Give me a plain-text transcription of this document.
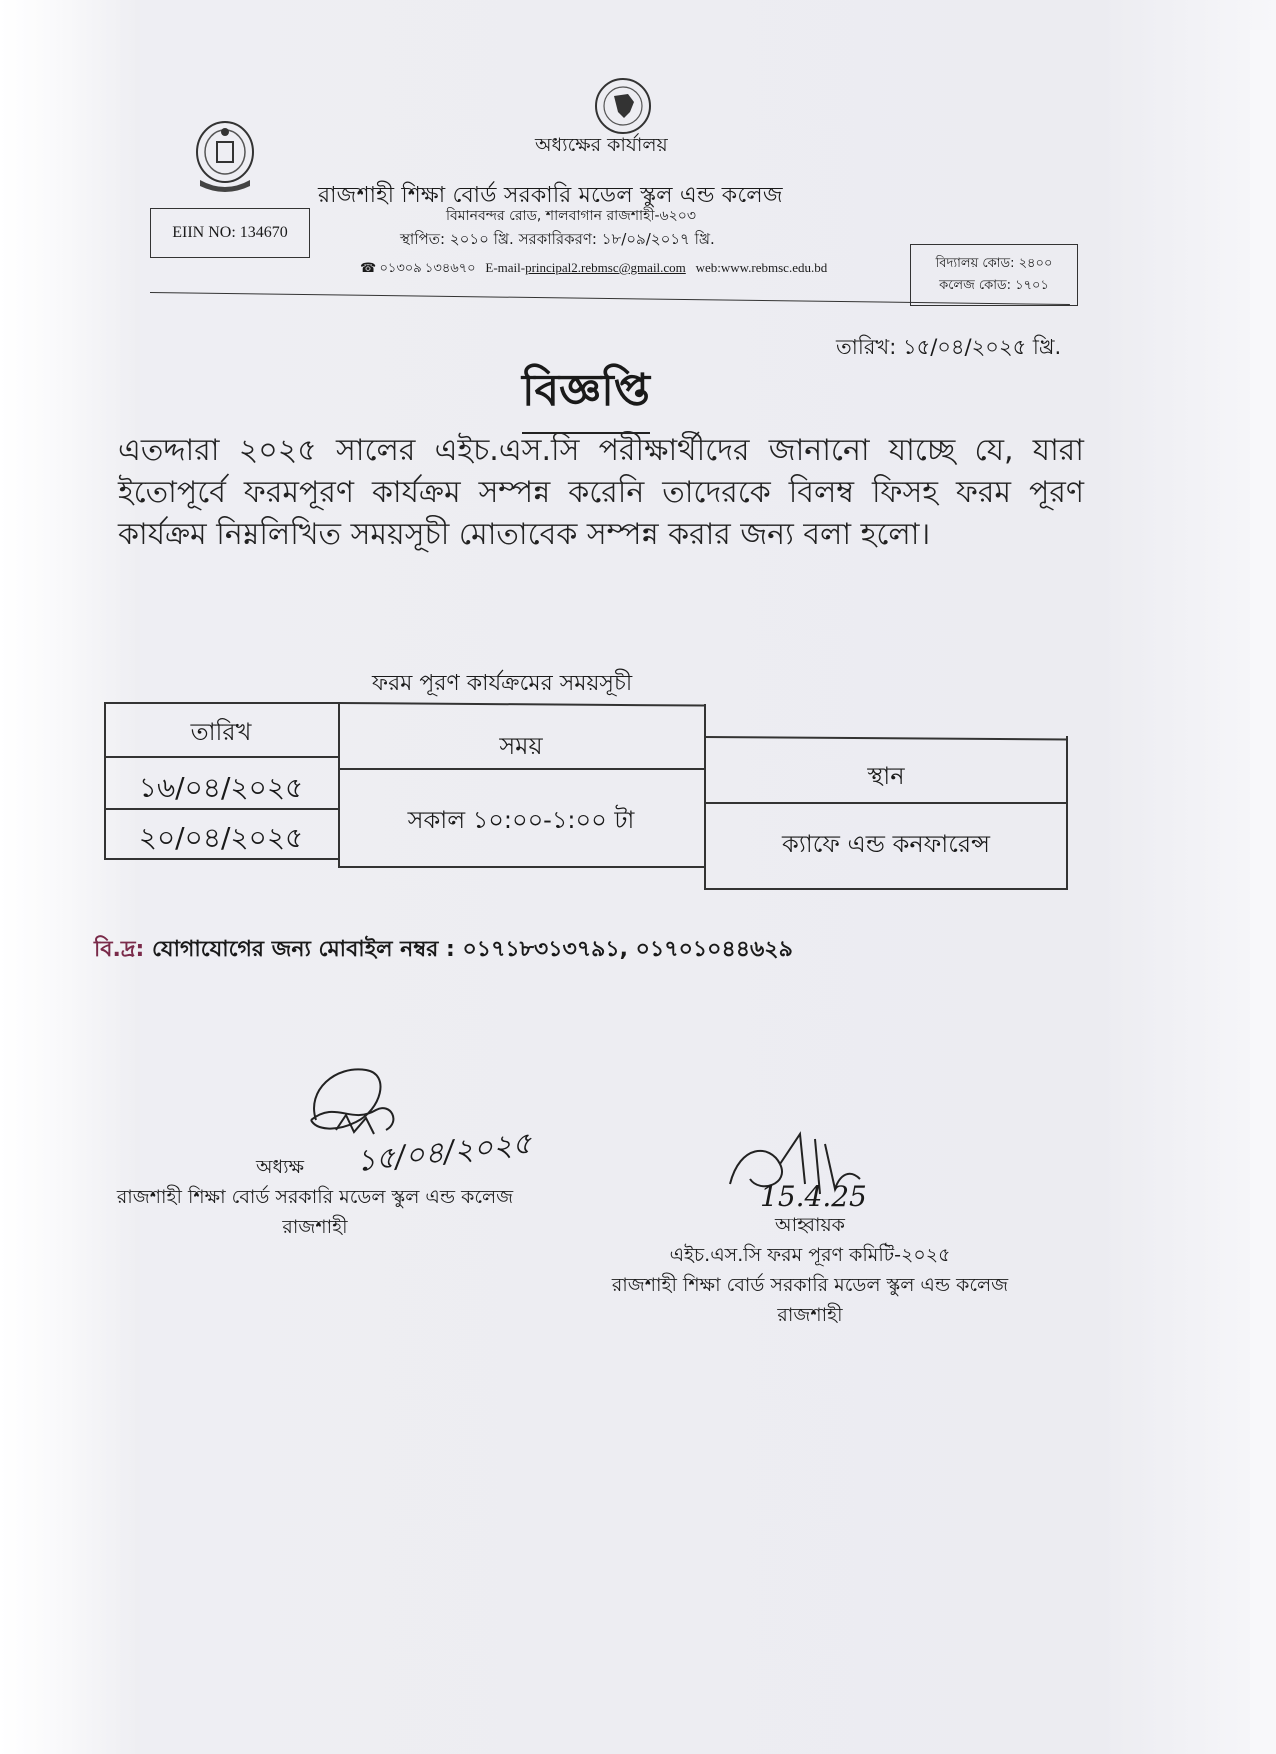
অধ্যক্ষের কার্যালয়
রাজশাহী শিক্ষা বোর্ড সরকারি মডেল স্কুল এন্ড কলেজ
বিমানবন্দর রোড, শালবাগান রাজশাহী-৬২০৩
স্থাপিত: ২০১০ খ্রি. সরকারিকরণ: ১৮/০৯/২০১৭ খ্রি.
☎ ০১৩০৯ ১৩৪৬৭০ E-mail-principal2.rebmsc@gmail.com web:www.rebmsc.edu.bd
EIIN NO: 134670
বিদ্যালয় কোড: ২৪০০
কলেজ কোড: ১৭০১
তারিখ: ১৫/০৪/২০২৫ খ্রি.
বিজ্ঞপ্তি
এতদ্দারা ২০২৫ সালের এইচ.এস.সি পরীক্ষার্থীদের জানানো যাচ্ছে যে, যারা ইতোপূর্বে ফরমপূরণ কার্যক্রম সম্পন্ন করেনি তাদেরকে বিলম্ব ফিসহ ফরম পূরণ কার্যক্রম নিম্নলিখিত সময়সূচী মোতাবেক সম্পন্ন করার জন্য বলা হলো।
ফরম পূরণ কার্যক্রমের সময়সূচী
তারিখ	সময়
স্থান
১৬/০৪/২০২৫
২০/০৪/২০২৫
সকাল ১০:০০-১:০০ টা
ক্যাফে এন্ড কনফারেন্স
বি.দ্র: যোগাযোগের জন্য মোবাইল নম্বর : ০১৭১৮৩১৩৭৯১, ০১৭০১০৪৪৬২৯
১৫/০৪/২০২৫
অধ্যক্ষ
রাজশাহী শিক্ষা বোর্ড সরকারি মডেল স্কুল এন্ড কলেজ
রাজশাহী
15.4.25
আহ্বায়ক
এইচ.এস.সি ফরম পূরণ কমিটি-২০২৫
রাজশাহী শিক্ষা বোর্ড সরকারি মডেল স্কুল এন্ড কলেজ
রাজশাহী
